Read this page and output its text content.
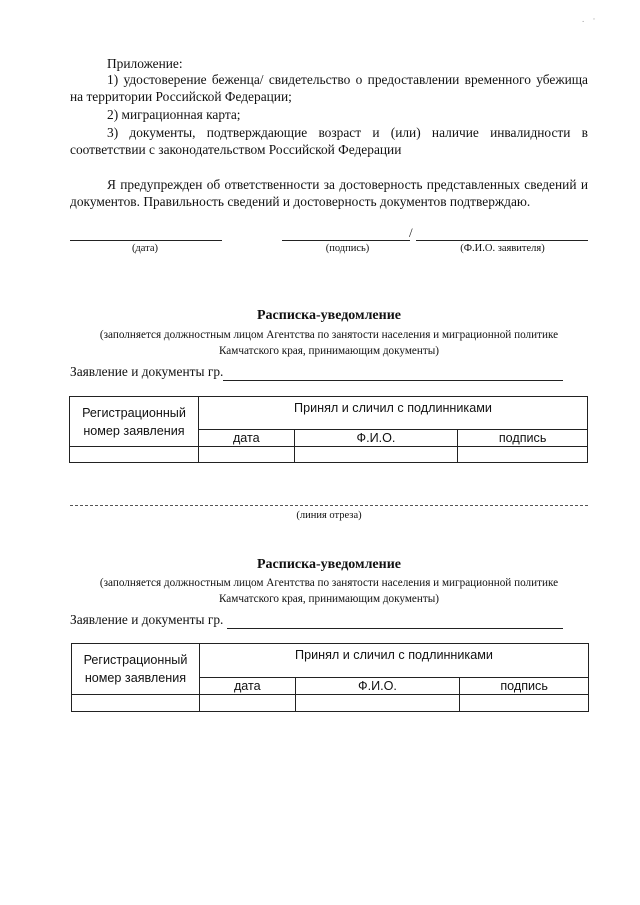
. ·
Приложение:
1) удостоверение беженца/ свидетельство о предоставлении временного убежища на территории Российской Федерации;
2) миграционная карта;
3) документы, подтверждающие возраст и (или) наличие инвалидности в соответствии с законодательством Российской Федерации
Я предупрежден об ответственности за достоверность представленных сведений и документов. Правильность сведений и достоверность документов подтверждаю.
/
(дата)	(подпись)	(Ф.И.О. заявителя)
Расписка-уведомление
(заполняется должностным лицом Агентства по занятости населения и миграционной политике Камчатского края, принимающим документы)
Заявление и документы гр.
Регистрационный номер заявления	Принял и сличил с подлинниками		
	дата	Ф.И.О.	подпись

(линия отреза)
Расписка-уведомление
(заполняется должностным лицом Агентства по занятости населения и миграционной политике Камчатского края, принимающим документы)
Заявление и документы гр.
Регистрационный номер заявления	Принял и сличил с подлинниками		
	дата	Ф.И.О.	подпись
